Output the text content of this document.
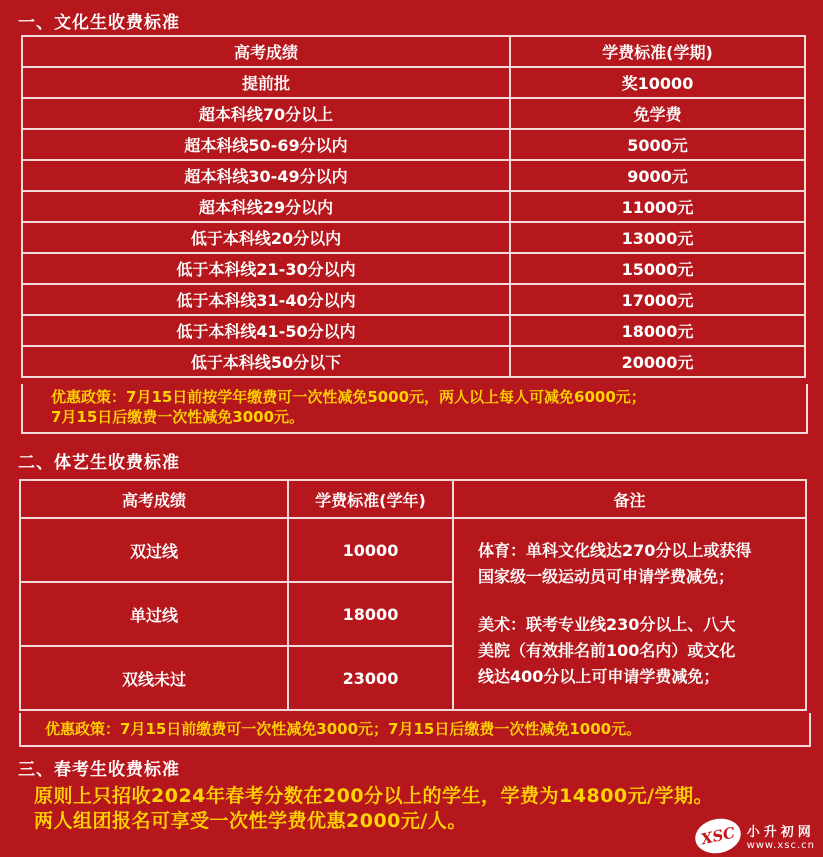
一、文化生收费标准
高考成绩	学费标准(学期)
提前批	奖10000
超本科线70分以上	免学费
超本科线50-69分以内	5000元
超本科线30-49分以内	9000元
超本科线29分以内	11000元
低于本科线20分以内	13000元
低于本科线21-30分以内	15000元
低于本科线31-40分以内	17000元
低于本科线41-50分以内	18000元
低于本科线50分以下	20000元
优惠政策：7月15日前按学年缴费可一次性减免5000元，两人以上每人可减免6000元；
7月15日后缴费一次性减免3000元。
二、体艺生收费标准
高考成绩	学费标准(学年)	备注
双过线	10000	体育：单科文化线达270分以上或获得

国家级一级运动员可申请学费减免；

美术：联考专业线230分以上、八大

美院（有效排名前100名内）或文化

线达400分以上可申请学费减免；

单过线	18000	
双线未过	23000	
优惠政策：7月15日前缴费可一次性减免3000元；7月15日后缴费一次性减免1000元。
三、春考生收费标准
原则上只招收2024年春考分数在200分以上的学生，学费为14800元/学期。
两人组团报名可享受一次性学费优惠2000元/人。
XSC 小升初网
www.xsc.cn
